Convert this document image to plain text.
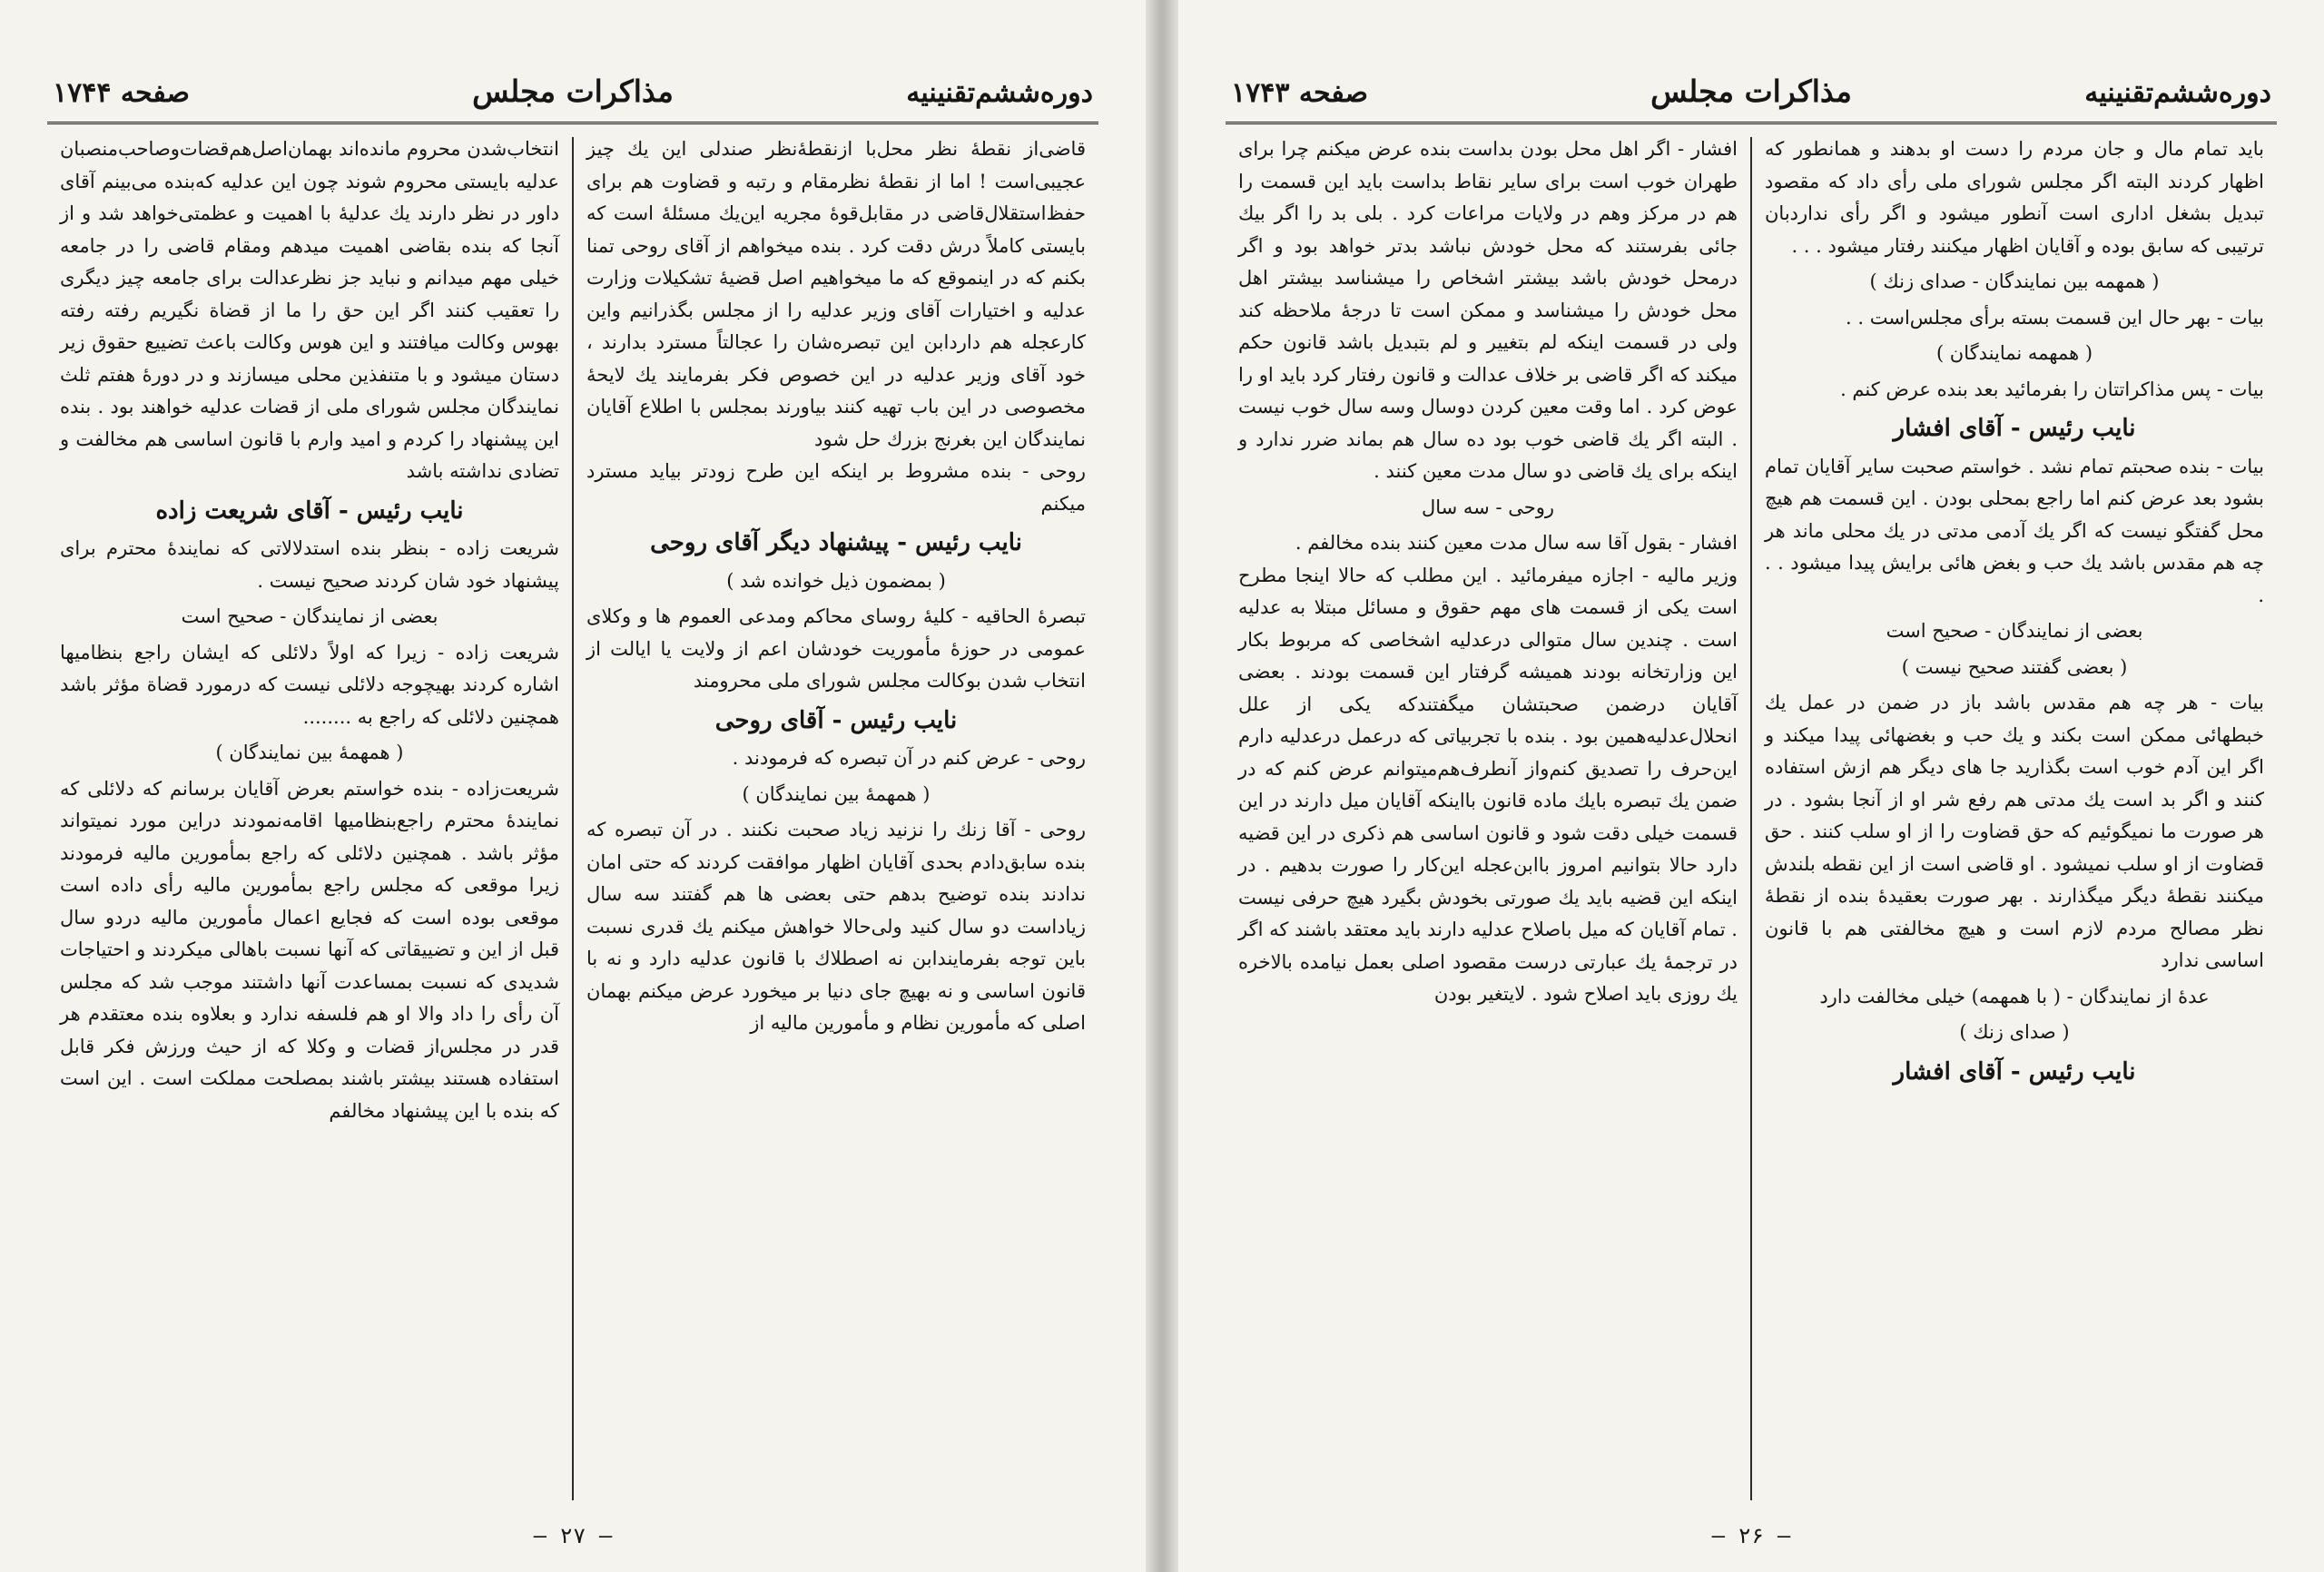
دوره‌ششم‌تقنینیه
مذاکرات مجلس
صفحه ۱۷۴۴

قاضی‌از نقطهٔ نظر محل‌با ازنقطهٔ‌نظر صندلی این یك چیز عجیبی‌است ! اما از نقطهٔ نظرمقام و رتبه و قضاوت هم برای حفظ‌استقلال‌قاضی در مقابل‌قوهٔ مجریه این‌یك مسئلهٔ است که بایستی کاملاً درش دقت کرد . بنده میخواهم از آقای روحی تمنا بکنم که در اینموقع که ما میخواهیم اصل قضیهٔ تشکیلات وزارت عدلیه و اختیارات آقای وزیر عدلیه را از مجلس بگذرانیم واین کارعجله هم داردابن این تبصره‌شان را عجالتاً مسترد بدارند ، خود آقای وزیر عدلیه در این خصوص فکر بفرمایند یك لایحهٔ مخصوصی در این باب تهیه کنند بیاورند بمجلس با اطلاع آقایان نمایندگان این بغرنج بزرك حل شود

روحی - بنده مشروط بر اینکه این طرح زودتر بیاید مسترد میکنم

نایب رئیس - پیشنهاد دیگر آقای روحی

( بمضمون ذیل خوانده شد )

تبصرهٔ الحاقیه - کلیهٔ روسای محاکم ومدعی العموم ها و وکلای عمومی در حوزهٔ مأموریت خودشان اعم از ولایت یا ایالت از انتخاب شدن بوکالت مجلس شورای ملی محرومند

نایب رئیس - آقای روحی

روحی - عرض کنم در آن تبصره که فرمودند .

( همهمهٔ بین نمایندگان )

روحی - آقا زنك را نزنید زیاد صحبت نکنند . در آن تبصره که بنده سابق‌دادم بحدی آقایان اظهار موافقت کردند که حتی امان ندادند بنده توضیح بدهم حتی بعضی ها هم گفتند سه سال زیاداست دو سال کنید ولی‌حالا خواهش میکنم یك قدری نسبت باین توجه بفرمایندابن نه اصطلاك با قانون عدلیه دارد و نه با قانون اساسی و نه بهیچ جای دنیا بر میخورد عرض میکنم بهمان اصلی که مأمورین نظام و مأمورین مالیه از

انتخاب‌شدن محروم مانده‌اند بهمان‌اصل‌هم‌قضات‌وصاحب‌منصبان عدلیه بایستی محروم شوند چون این عدلیه که‌بنده می‌بینم آقای داور در نظر دارند یك عدلیهٔ با اهمیت و عظمتی‌خواهد شد و از آنجا که بنده بقاضی اهمیت میدهم ومقام قاضی را در جامعه خیلی مهم میدانم و نباید جز نظرعدالت برای جامعه چیز دیگری را تعقیب کنند اگر این حق را ما از قضاة نگیریم رفته رفته بهوس وکالت میافتند و این هوس وکالت باعث تضییع حقوق زیر دستان میشود و با متنفذین محلی میسازند و در دورهٔ هفتم ثلث نمایندگان مجلس شورای ملی از قضات عدلیه خواهند بود . بنده این پیشنهاد را کردم و امید وارم با قانون اساسی هم مخالفت و تضادی نداشته باشد

نایب رئیس - آقای شریعت زاده

شریعت زاده - بنظر بنده استدلالاتی که نمایندهٔ محترم برای پیشنهاد خود شان کردند صحیح نیست .

بعضی از نمایندگان - صحیح است

شریعت زاده - زیرا که اولاً دلائلی که ایشان راجع بنظامیها اشاره کردند بهیچوجه دلائلی نیست که درمورد قضاة مؤثر باشد همچنین دلائلی که راجع به ........

( همهمهٔ بین نمایندگان )

شریعت‌زاده - بنده خواستم بعرض آقایان برسانم که دلائلی که نمایندهٔ محترم راجع‌بنظامیها اقامه‌نمودند دراین مورد نمیتواند مؤثر باشد . همچنین دلائلی که راجع بمأمورین مالیه فرمودند زیرا موقعی که مجلس راجع بمأمورین مالیه رأی داده است موقعی بوده است که فجایع اعمال مأمورین مالیه دردو سال قبل از این و تضییقاتی که آنها نسبت باهالی میکردند و احتیاجات شدیدی که نسبت بمساعدت آنها داشتند موجب شد که مجلس آن رأی را داد والا او هم فلسفه ندارد و بعلاوه بنده معتقدم هر قدر در مجلس‌از قضات و وکلا که از حیث ورزش فکر قابل استفاده هستند بیشتر باشند بمصلحت مملکت است . این است که بنده با این پیشنهاد مخالفم

— ۲۷ —
دوره‌ششم‌تقنینیه
مذاکرات مجلس
صفحه ۱۷۴۳

باید تمام مال و جان مردم را دست او بدهند و همانطور که اظهار کردند البته اگر مجلس شورای ملی رأی داد که مقصود تبدیل بشغل اداری است آنطور میشود و اگر رأی نداردبان ترتیبی که سابق بوده و آقایان اظهار میکنند رفتار میشود . . .

( همهمه بین نمایندگان - صدای زنك )

بیات - بهر حال این قسمت بسته برأی مجلس‌است . .

( همهمه نمایندگان )

بیات - پس مذاکراتتان را بفرمائید بعد بنده عرض کنم .

نایب رئیس - آقای افشار

بیات - بنده صحبتم تمام نشد . خواستم صحبت سایر آقایان تمام بشود بعد عرض کنم اما راجع بمحلی بودن . این قسمت هم هیچ محل گفتگو نیست که اگر یك آدمی مدتی در یك محلی ماند هر چه هم مقدس باشد یك حب و بغض هائی برایش پیدا میشود . . .

بعضی از نمایندگان - صحیح است

( بعضی گفتند صحیح نیست )

بیات - هر چه هم مقدس باشد باز در ضمن در عمل یك خبطهائی ممکن است بکند و یك حب و بغضهائی پیدا میکند و اگر این آدم خوب است بگذارید جا های دیگر هم ازش استفاده کنند و اگر بد است یك مدتی هم رفع شر او از آنجا بشود . در هر صورت ما نمیگوئیم که حق قضاوت را از او سلب کنند . حق قضاوت از او سلب نمیشود . او قاضی است از این نقطه بلندش میکنند نقطهٔ دیگر میگذارند . بهر صورت بعقیدهٔ بنده از نقطهٔ نظر مصالح مردم لازم است و هیچ مخالفتی هم با قانون اساسی ندارد

عدهٔ از نمایندگان - ( با همهمه) خیلی مخالفت دارد

( صدای زنك )

نایب رئیس - آقای افشار

افشار - اگر اهل محل بودن بداست بنده عرض میکنم چرا برای طهران خوب است برای سایر نقاط بداست باید این قسمت را هم در مرکز وهم در ولایات مراعات کرد . بلی بد را اگر بیك جائی بفرستند که محل خودش نباشد بدتر خواهد بود و اگر درمحل خودش باشد بیشتر اشخاص را میشناسد بیشتر اهل محل خودش را میشناسد و ممکن است تا درجهٔ ملاحظه کند ولی در قسمت اینکه لم بتغییر و لم بتبدیل باشد قانون حکم میکند که اگر قاضی بر خلاف عدالت و قانون رفتار کرد باید او را عوض کرد . اما وقت معین کردن دوسال وسه سال خوب نیست . البته اگر یك قاضی خوب بود ده سال هم بماند ضرر ندارد و اینکه برای یك قاضی دو سال مدت معین کنند .

روحی - سه سال

افشار - بقول آقا سه سال مدت معین کنند بنده مخالفم .

وزیر مالیه - اجازه میفرمائید . این مطلب که حالا اینجا مطرح است یکی از قسمت های مهم حقوق و مسائل مبتلا به عدلیه است . چندین سال متوالی درعدلیه اشخاصی که مربوط بکار این وزارتخانه بودند همیشه گرفتار این قسمت بودند . بعضی آقایان درضمن صحبتشان میگفتندکه یکی از علل انحلال‌عدلیه‌همین بود . بنده با تجربیاتی که درعمل درعدلیه دارم این‌حرف را تصدیق کنم‌واز آنطرف‌هم‌میتوانم عرض کنم که در ضمن یك تبصره بایك ماده قانون بااینکه آقایان میل دارند در این قسمت خیلی دقت شود و قانون اساسی هم ذکری در این قضیه دارد حالا بتوانیم امروز باابن‌عجله این‌کار را صورت بدهیم . در اینکه این قضیه باید یك صورتی بخودش بگیرد هیچ حرفی نیست . تمام آقایان که میل باصلاح عدلیه دارند باید معتقد باشند که اگر در ترجمهٔ یك عبارتی درست مقصود اصلی بعمل نیامده بالاخره یك روزی باید اصلاح شود . لایتغیر بودن

— ۲۶ —
